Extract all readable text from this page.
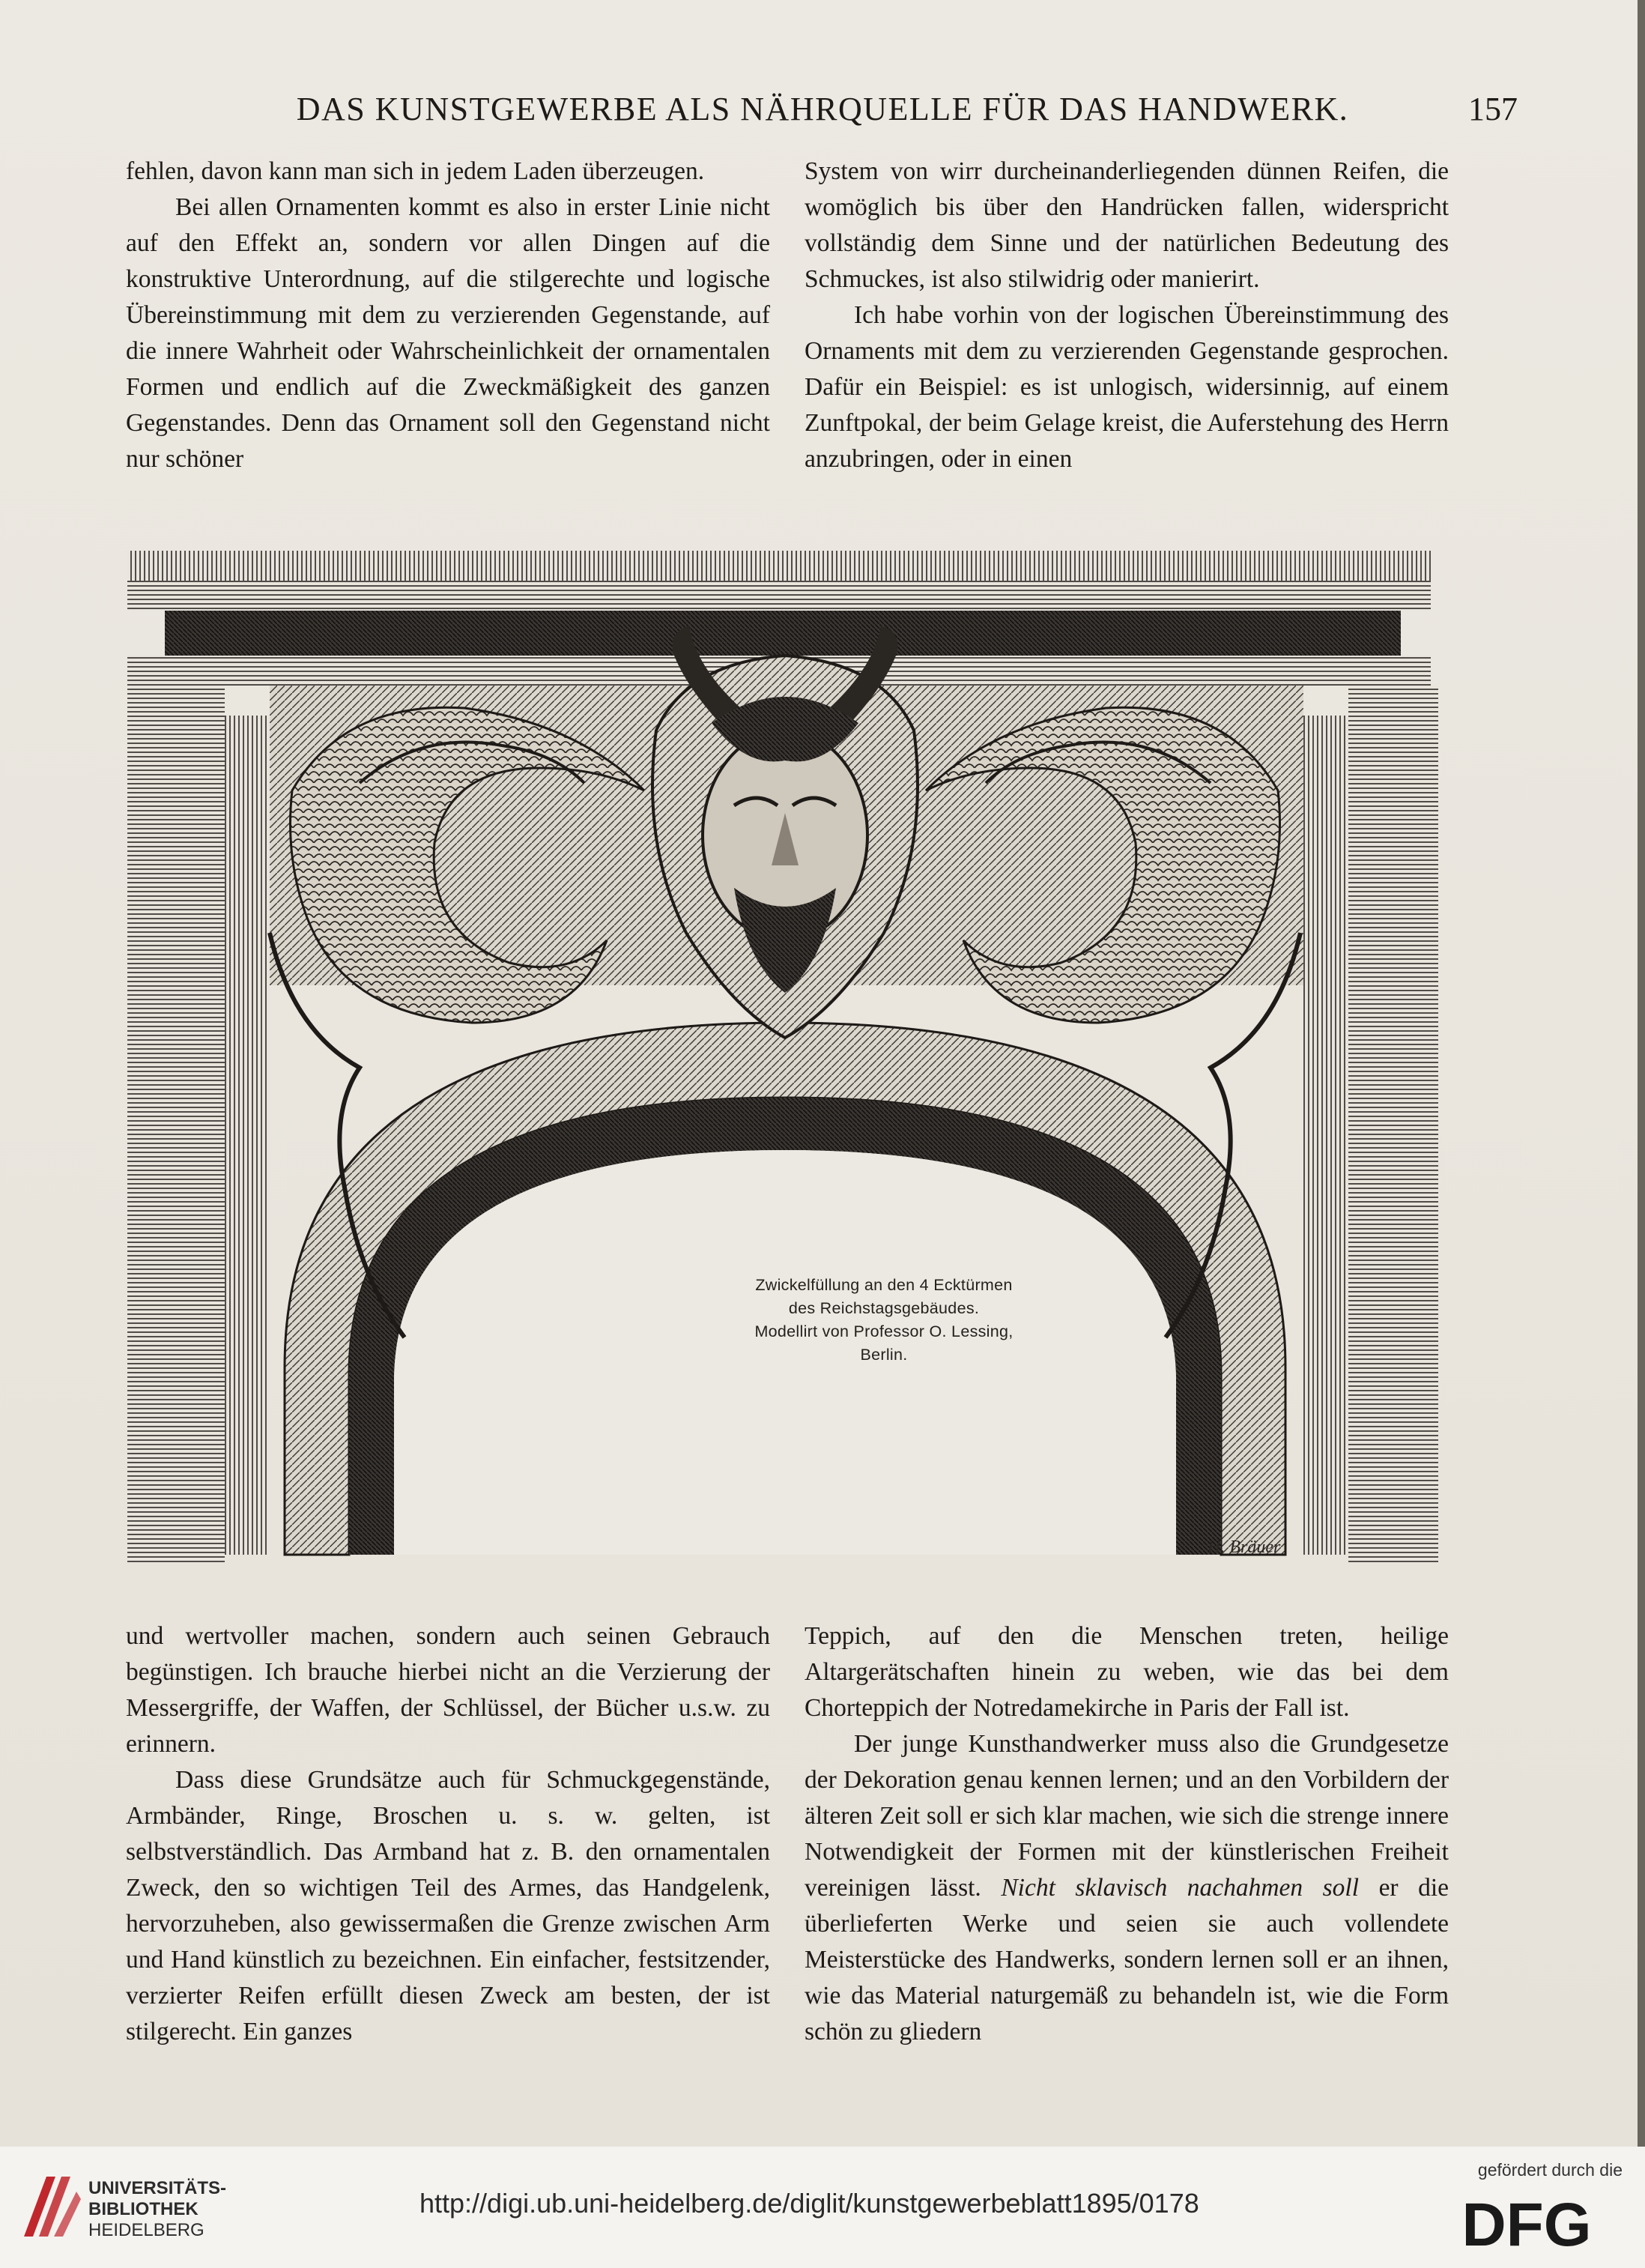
DAS KUNSTGEWERBE ALS NÄHRQUELLE FÜR DAS HANDWERK.	157

fehlen, davon kann man sich in jedem Laden überzeugen.

Bei allen Ornamenten kommt es also in erster Linie nicht auf den Effekt an, sondern vor allen Dingen auf die konstruktive Unterordnung, auf die stilgerechte und logische Übereinstimmung mit dem zu verzierenden Gegenstande, auf die innere Wahrheit oder Wahrscheinlichkeit der ornamentalen Formen und endlich auf die Zweckmäßigkeit des ganzen Gegenstandes. Denn das Ornament soll den Gegenstand nicht nur schöner

System von wirr durcheinanderliegenden dünnen Reifen, die womöglich bis über den Handrücken fallen, widerspricht vollständig dem Sinne und der natürlichen Bedeutung des Schmuckes, ist also stilwidrig oder manierirt.

Ich habe vorhin von der logischen Übereinstimmung des Ornaments mit dem zu verzierenden Gegenstande gesprochen. Dafür ein Beispiel: es ist unlogisch, widersinnig, auf einem Zunftpokal, der beim Gelage kreist, die Auferstehung des Herrn anzubringen, oder in einen

Zwickelfüllung an den 4 Ecktürmen
des Reichstagsgebäudes.
Modellirt von Professor O. Lessing,
Berlin.
H. Bräuer

und wertvoller machen, sondern auch seinen Gebrauch begünstigen. Ich brauche hierbei nicht an die Verzierung der Messergriffe, der Waffen, der Schlüssel, der Bücher u.s.w. zu erinnern.

Dass diese Grundsätze auch für Schmuckgegenstände, Armbänder, Ringe, Broschen u. s. w. gelten, ist selbstverständlich. Das Armband hat z. B. den ornamentalen Zweck, den so wichtigen Teil des Armes, das Handgelenk, hervorzuheben, also gewissermaßen die Grenze zwischen Arm und Hand künstlich zu bezeichnen. Ein einfacher, festsitzender, verzierter Reifen erfüllt diesen Zweck am besten, der ist stilgerecht. Ein ganzes

Teppich, auf den die Menschen treten, heilige Altargerätschaften hinein zu weben, wie das bei dem Chorteppich der Notredamekirche in Paris der Fall ist.

Der junge Kunsthandwerker muss also die Grundgesetze der Dekoration genau kennen lernen; und an den Vorbildern der älteren Zeit soll er sich klar machen, wie sich die strenge innere Notwendigkeit der Formen mit der künstlerischen Freiheit vereinigen lässt. Nicht sklavisch nachahmen soll er die überlieferten Werke und seien sie auch vollendete Meisterstücke des Handwerks, sondern lernen soll er an ihnen, wie das Material naturgemäß zu behandeln ist, wie die Form schön zu gliedern

UNIVERSITÄTS-
BIBLIOTHEK
HEIDELBERG
http://digi.ub.uni-heidelberg.de/diglit/kunstgewerbeblatt1895/0178
gefördert durch die
DFG
